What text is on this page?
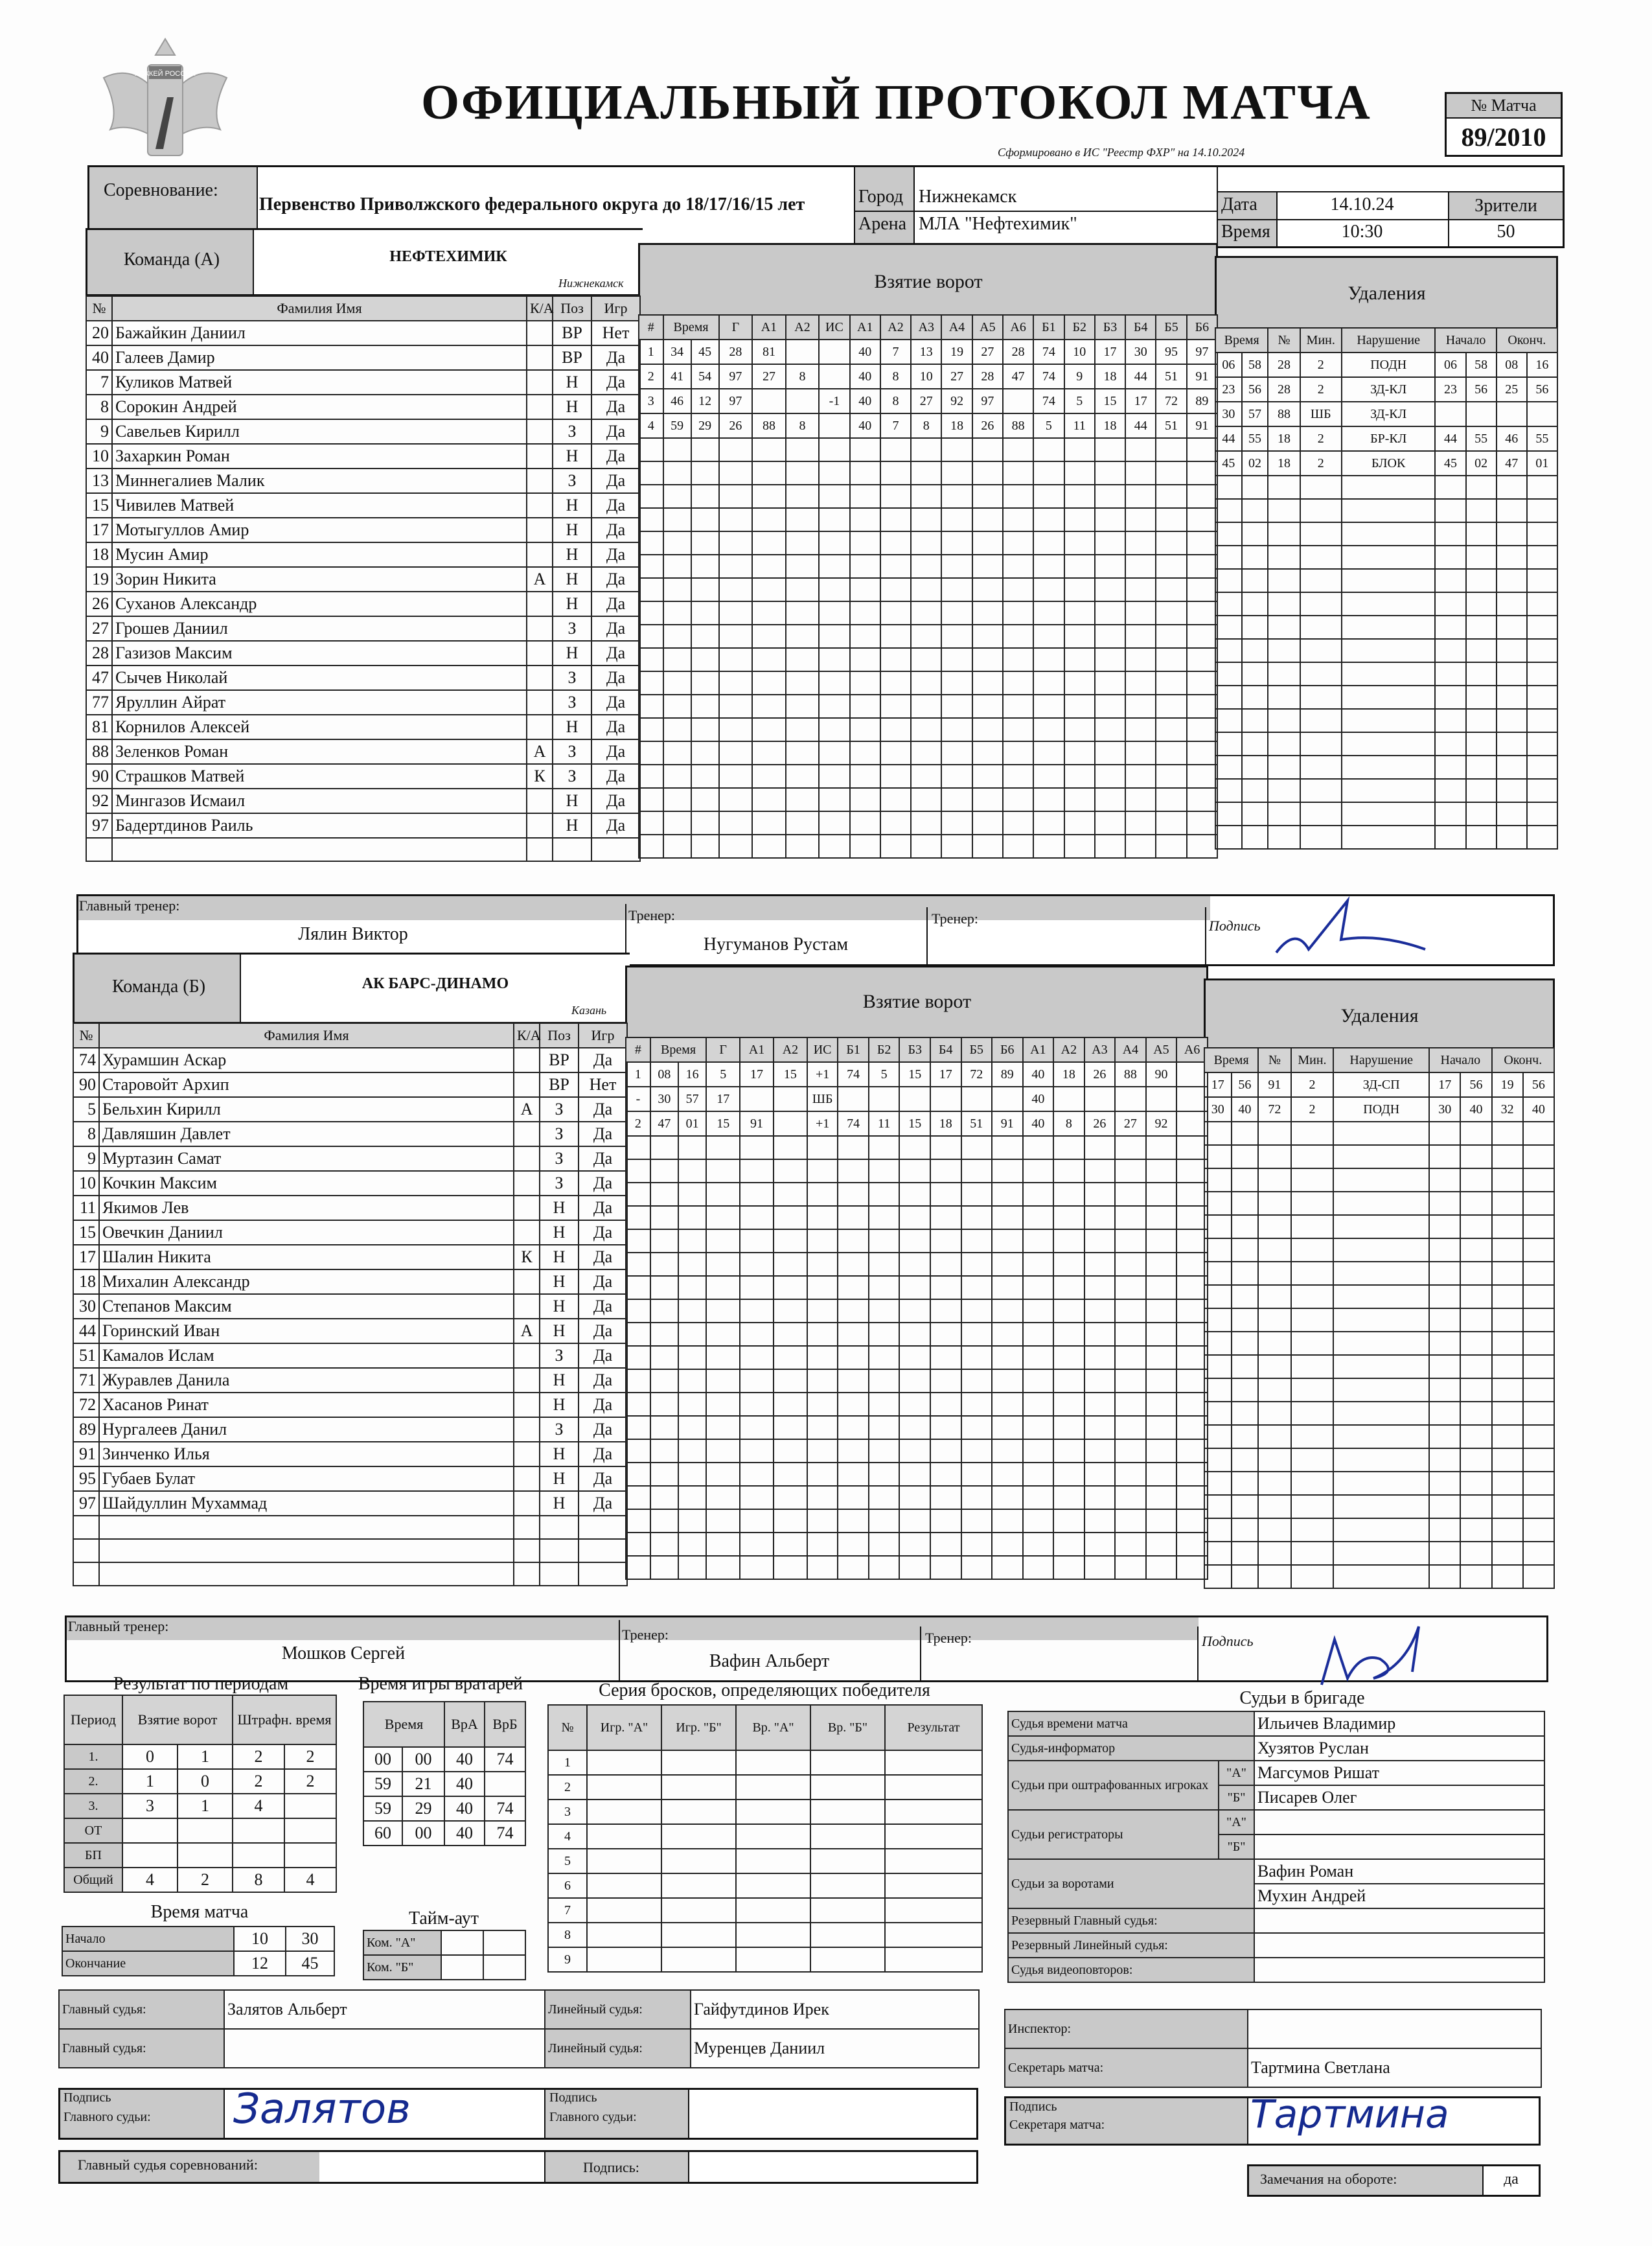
ХОККЕЙ РОССИИ
ОФИЦИАЛЬНЫЙ ПРОТОКОЛ МАТЧА
Сформировано в ИС "Реестр ФХР" на 14.10.2024
№ Матча
89/2010
Соревнование:
Первенство Приволжского федерального округа до 18/17/16/15 лет	Город Нижнекамск
Арена МЛА "Нефтехимик"
Дата	14.10.24
Время	10:30
Зрители
50
Команда (А)	НЕФТЕХИМИК
Нижнекамск	Взятие ворот
Удаления
№	Фамилия Имя	К/А	Поз	Игр
20	Бажайкин Даниил		ВР	Нет
40	Галеев Дамир		ВР	Да
7	Куликов Матвей		Н	Да
8	Сорокин Андрей		Н	Да
9	Савельев Кирилл		З	Да
10	Захаркин Роман		Н	Да
13	Миннегалиев Малик		З	Да
15	Чивилев Матвей		Н	Да
17	Мотыгуллов Амир		Н	Да
18	Мусин Амир		Н	Да
19	Зорин Никита	А	Н	Да
26	Суханов Александр		Н	Да
27	Грошев Даниил		З	Да
28	Газизов Максим		Н	Да
47	Сычев Николай		З	Да
77	Яруллин Айрат		З	Да
81	Корнилов Алексей		Н	Да
88	Зеленков Роман	А	З	Да
90	Страшков Матвей	К	З	Да
92	Мингазов Исмаил		Н	Да
97	Бадертдинов Раиль		Н	Да

#	Время		Г	А1	А2	ИС	А1	А2	А3	А4	А5	А6	Б1	Б2	Б3	Б4	Б5	Б6
1	34	45	28	81			40	7	13	19	27	28	74	10	17	30	95	97
2	41	54	97	27	8		40	8	10	27	28	47	74	9	18	44	51	91
3	46	12	97			-1	40	8	27	92	97		74	5	15	17	72	89
4	59	29	26	88	8		40	7	8	18	26	88	5	11	18	44	51	91

Время		№	Мин.	Нарушение	Начало		Оконч.	
06	58	28	2	ПОДН	06	58	08	16
23	56	28	2	ЗД-КЛ	23	56	25	56
30	57	88	ШБ	ЗД-КЛ				
44	55	18	2	БР-КЛ	44	55	46	55
45	02	18	2	БЛОК	45	02	47	01

Главный тренер:
Лялин Виктор
Тренер:
Нугуманов Рустам
Тренер:	Подпись
Команда (Б)	АК БАРС-ДИНАМО
Казань	Взятие ворот
Удаления
№	Фамилия Имя	К/А	Поз	Игр
74	Хурамшин Аскар		ВР	Да
90	Старовойт Архип		ВР	Нет
5	Бельхин Кирилл	А	З	Да
8	Давляшин Давлет		З	Да
9	Муртазин Самат		З	Да
10	Кочкин Максим		З	Да
11	Якимов Лев		Н	Да
15	Овечкин Даниил		Н	Да
17	Шалин Никита	К	Н	Да
18	Михалин Александр		Н	Да
30	Степанов Максим		Н	Да
44	Горинский Иван	А	Н	Да
51	Камалов Ислам		З	Да
71	Журавлев Данила		Н	Да
72	Хасанов Ринат		Н	Да
89	Нургалеев Данил		З	Да
91	Зинченко Илья		Н	Да
95	Губаев Булат		Н	Да
97	Шайдуллин Мухаммад		Н	Да

#	Время		Г	А1	А2	ИС	Б1	Б2	Б3	Б4	Б5	Б6	А1	А2	А3	А4	А5	А6
1	08	16	5	17	15	+1	74	5	15	17	72	89	40	18	26	88	90	
-	30	57	17			ШБ							40					
2	47	01	15	91		+1	74	11	15	18	51	91	40	8	26	27	92	

Время		№	Мин.	Нарушение	Начало		Оконч.	
17	56	91	2	ЗД-СП	17	56	19	56
30	40	72	2	ПОДН	30	40	32	40

Главный тренер:
Мошков Сергей
Тренер:
Вафин Альберт
Тренер:	Подпись
Результат по периодам
Период	Взятие ворот		Штрафн. время	
1.	0	1	2	2
2.	1	0	2	2
3.	3	1	4	
ОТ				
БП				
Общий	4	2	8	4
Время игры вратарей
Время		ВрА	ВрБ
00	00	40	74
59	21	40	
59	29	40	74
60	00	40	74
Время матча
Начало	10	30
Окончание	12	45
Тайм-аут
Ком. "А"		
Ком. "Б"		
Серия бросков, определяющих победителя
№	Игр. "А"	Игр. "Б"	Вр. "А"	Вр. "Б"	Результат
1					
2					
3					
4					
5					
6					
7					
8					
9					
Судьи в бригаде
Судья времени матча		Ильичев Владимир
Судья-информатор		Хузятов Руслан
Судьи при оштрафованных игроках	"А"	Магсумов Ришат
	"Б"	Писарев Олег
Судьи регистраторы	"А"	
	"Б"	
Судьи за воротами		Вафин Роман
		Мухин Андрей
Резервный Главный судья:		
Резервный Линейный судья:		
Судья видеоповторов:		
Главный судья:	Залятов Альберт	Линейный судья:	Гайфутдинов Ирек
Главный судья:		Линейный судья:	Муренцев Даниил
Инспектор:	
Секретарь матча:	Тартмина Светлана
Подпись
Главного судьи: Залятов	Подпись
Главного судьи:
Подпись
Секретаря матча:	Тартмина
Главный судья соревнований:	Подпись:
Замечания на обороте:	да
